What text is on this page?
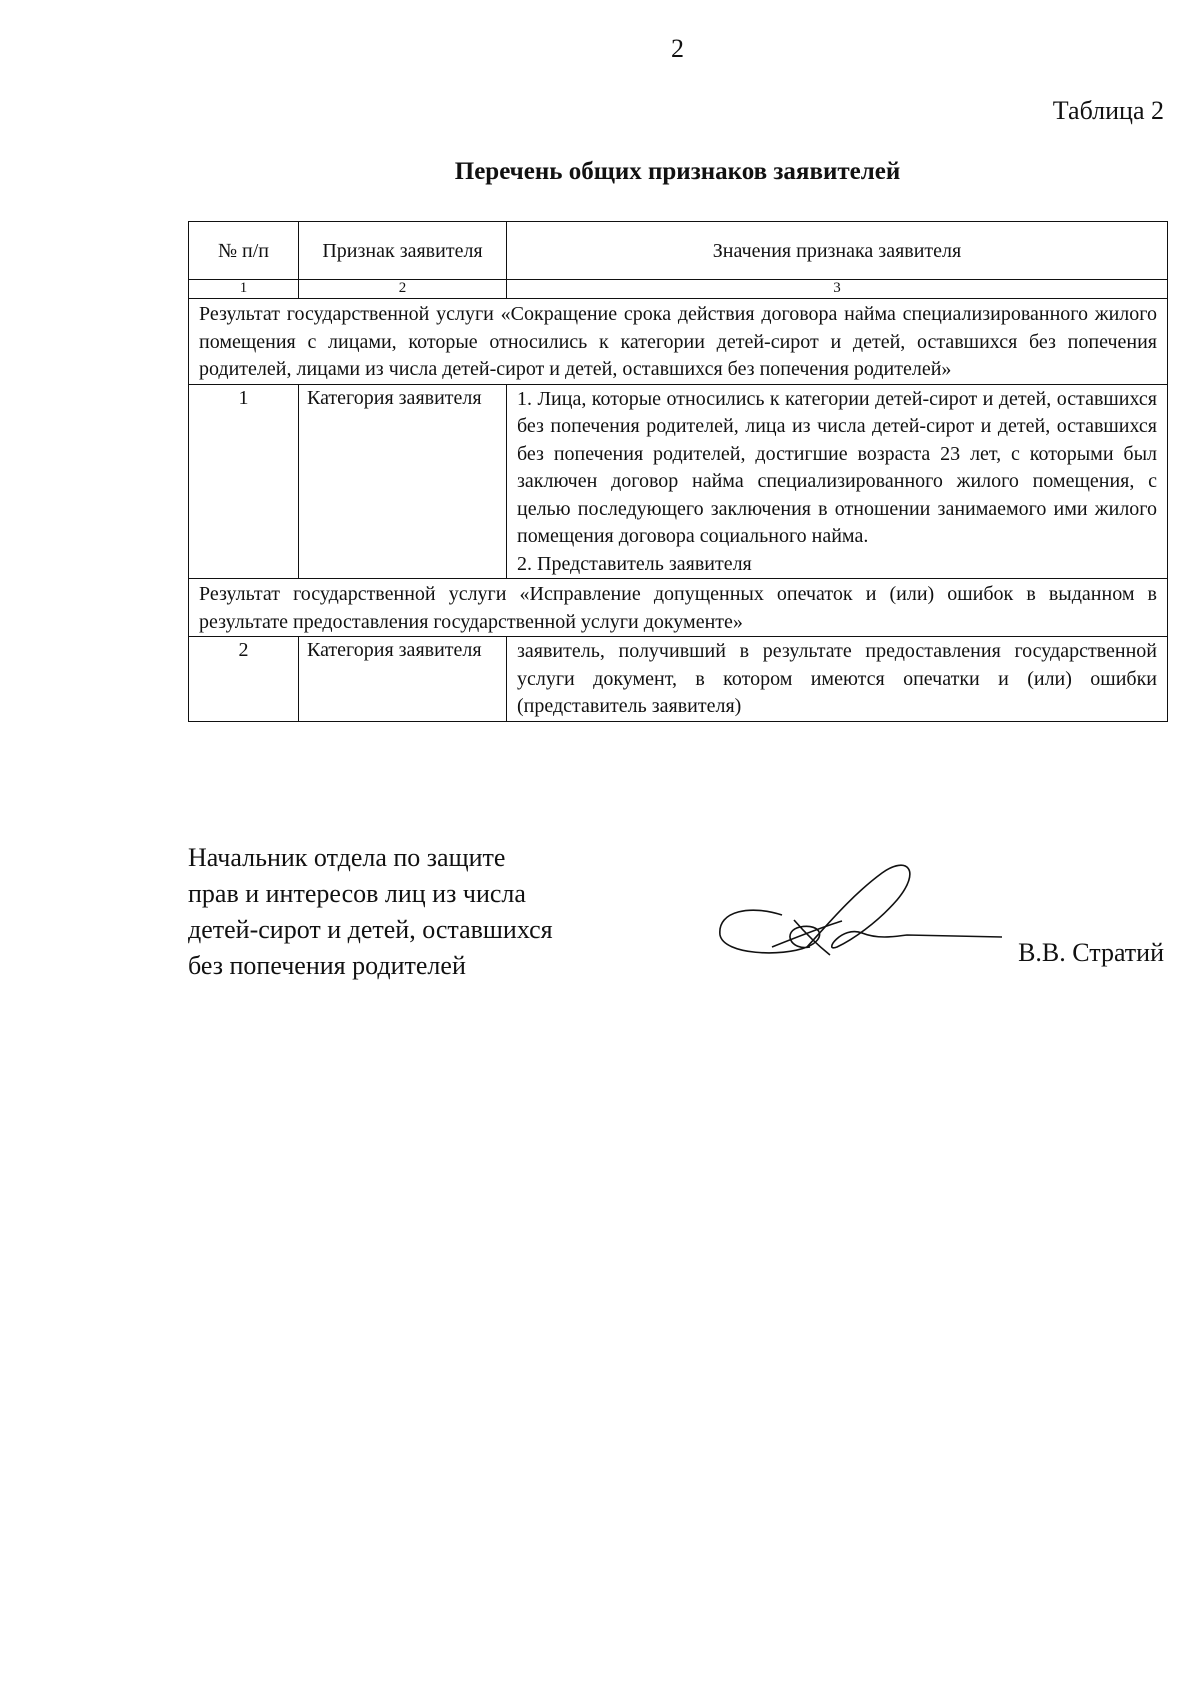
2
Таблица 2
Перечень общих признаков заявителей
№ п/п	Признак заявителя	Значения признака заявителя
1	2	3
Результат государственной услуги «Сокращение срока действия договора найма специализированного жилого помещения с лицами, которые относились к категории детей-сирот и детей, оставшихся без попечения родителей, лицами из числа детей-сирот и детей, оставшихся без попечения родителей»		
1	Категория заявителя	1. Лица, которые относились к категории детей-сирот и детей, оставшихся без попечения родителей, лица из числа детей-сирот и детей, оставшихся без попечения родителей, достигшие возраста 23 лет, с которыми был заключен договор найма специализированного жилого помещения, с целью последующего заключения в отношении занимаемого ими жилого помещения договора социального найма.
2. Представитель заявителя

Результат государственной услуги «Исправление допущенных опечаток и (или) ошибок в выданном в результате предоставления государственной услуги документе»		
2	Категория заявителя	заявитель, получивший в результате предоставления государственной услуги документ, в котором имеются опечатки и (или) ошибки (представитель заявителя)
Начальник отдела по защите
прав и интересов лиц из числа
детей-сирот и детей, оставшихся
без попечения родителей	В.В. Стратий
